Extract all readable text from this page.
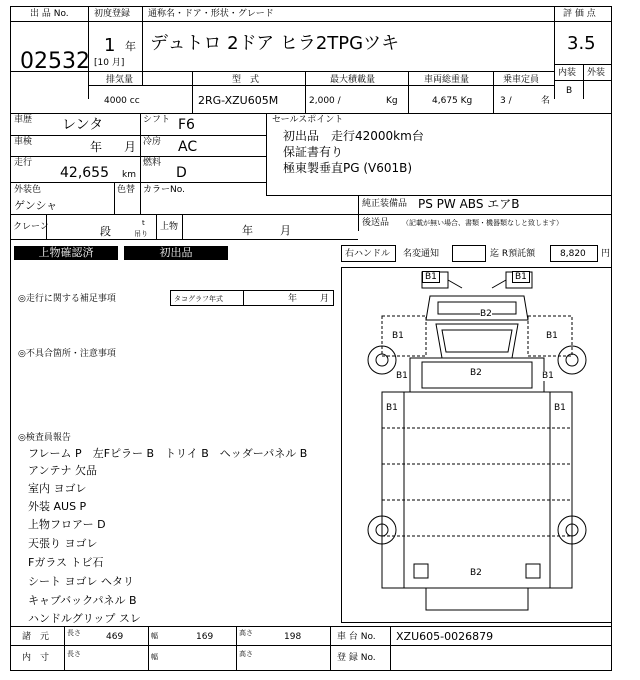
出 品 No.
02532
初度登録
1 年
[10 月]
通称名・ドア・形状・グレード
デュトロ 2ドア ヒラ2TPGツキ
評 価 点
3.5
内装 外装
B
排気量
4000 cc
型　式
2RG-XZU605M
最大積載量
2,000 /	Kg
車両総重量
4,675 Kg
乗車定員
3 /	名
車歴 レンタ	シフト F6
車検	年 月 冷房 AC
走行
42,655 km
燃料
D
外装色
ゲンシャ
色替 カラーNo.
セールスポイント
初出品　走行42000km台
保証書有り
極東製垂直PG (V601B)
純正装備品 PS PW ABS エアB
後送品 （記載が無い場合、書類・機器類なしと致します）
クレーン	段
t
吊り
上物	年 月
上物確認済	初出品	右ハンドル 名変通知	迄 R預託額	8,820 円
◎走行に関する補足事項	タコグラフ年式	年	月
◎不具合箇所・注意事項
◎検査員報告
フレーム P　左Fピラー B　トリイ B　ヘッダーパネル B
アンテナ 欠品
室内 ヨゴレ
外装 AUS P
上物フロアー D
天張り ヨゴレ
Fガラス トビ石
シート ヨゴレ ヘタリ
キャブバックパネル B
ハンドルグリップ スレ
B1	B1
B2
B1	B1
B1	B2	B1
B1	B1
B2
諸　元	長さ	469	幅	169	高さ	198	車 台 No. XZU605-0026879
内　寸	長さ	幅	高さ	登 録 No.
